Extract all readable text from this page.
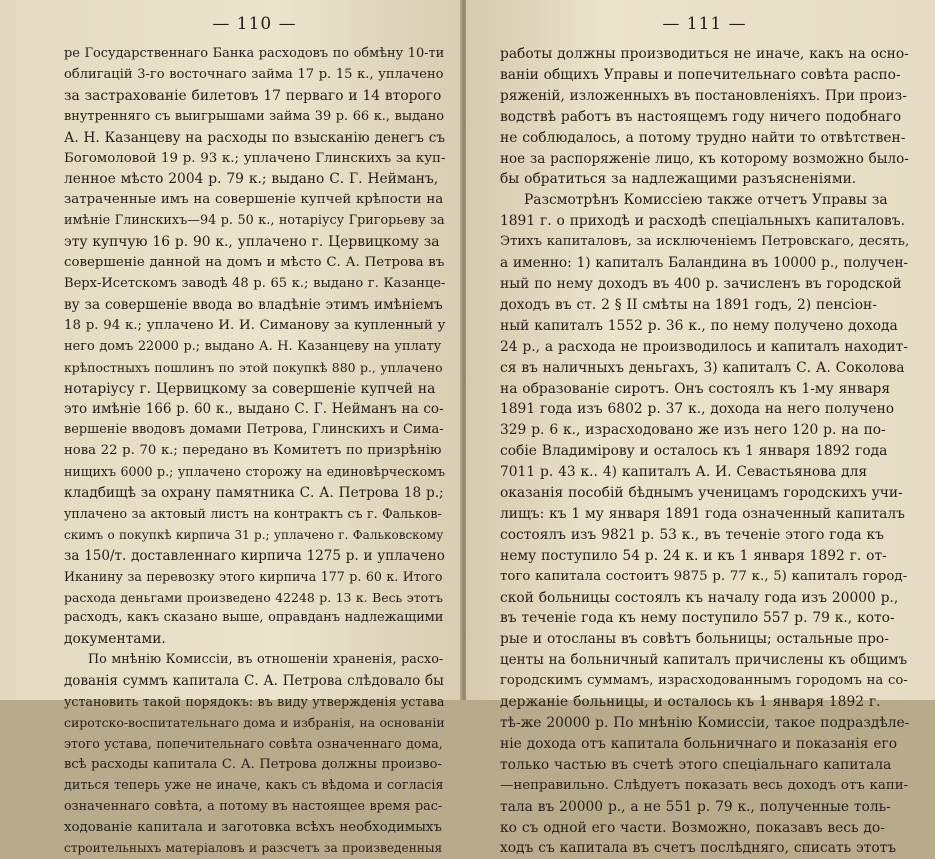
— 110 —
ре Государственнаго Банка расходовъ по обмѣну 10-ти
облигацій 3-го восточнаго займа 17 р. 15 к., уплачено
за застрахованіе билетовъ 17 перваго и 14 второго
внутренняго съ выигрышами займа 39 р. 66 к., выдано
А. Н. Казанцеву на расходы по взысканію денегъ съ
Богомоловой 19 р. 93 к.; уплачено Глинскихъ за куп-
ленное мѣсто 2004 р. 79 к.; выдано С. Г. Нейманъ,
затраченные имъ на совершеніе купчей крѣпости на
имѣніе Глинскихъ—94 р. 50 к., нотаріусу Григорьеву за
эту купчую 16 р. 90 к., уплачено г. Цервицкому за
совершеніе данной на домъ и мѣсто С. А. Петрова въ
Верх-Исетскомъ заводѣ 48 р. 65 к.; выдано г. Казанце-
ву за совершеніе ввода во владѣніе этимъ имѣніемъ
18 р. 94 к.; уплачено И. И. Симанову за купленный у
него домъ 22000 р.; выдано А. Н. Казанцеву на уплату
крѣпостныхъ пошлинъ по этой покупкѣ 880 р., уплачено
нотаріусу г. Цервицкому за совершеніе купчей на
это имѣніе 166 р. 60 к., выдано С. Г. Нейманъ на со-
вершеніе вводовъ домами Петрова, Глинскихъ и Сима-
нова 22 р. 70 к.; передано въ Комитетъ по призрѣнію
нищихъ 6000 р.; уплачено сторожу на единовѣрческомъ
кладбищѣ за охрану памятника С. А. Петрова 18 р.;
уплачено за актовый листъ на контрактъ съ г. Фальков-
скимъ о покупкѣ кирпича 31 р.; уплачено г. Фальковскому
за 150/т. доставленнаго кирпича 1275 р. и уплачено
Иканину за перевозку этого кирпича 177 р. 60 к. Итого
расхода деньгами произведено 42248 р. 13 к. Весь этотъ
расходъ, какъ сказано выше, оправданъ надлежащими
документами.
По мнѣнію Комиссіи, въ отношеніи храненія, расхо-
дованія суммъ капитала С. А. Петрова слѣдовало бы
установить такой порядокъ: въ виду утвержденія устава
сиротско-воспитательнаго дома и избранія, на основаніи
этого устава, попечительнаго совѣта означеннаго дома,
всѣ расходы капитала С. А. Петрова должны произво-
диться теперь уже не иначе, какъ съ вѣдома и согласія
означеннаго совѣта, а потому въ настоящее время рас-
ходованіе капитала и заготовка всѣхъ необходимыхъ
строительныхъ матеріаловъ и разсчетъ за произведенныя
— 111 —
работы должны производиться не иначе, какъ на осно-
ваніи общихъ Управы и попечительнаго совѣта распо-
ряженій, изложенныхъ въ постановленіяхъ. При произ-
водствѣ работъ въ настоящемъ году ничего подобнаго
не соблюдалось, а потому трудно найти то отвѣтствен-
ное за распоряженіе лицо, къ которому возможно было-
бы обратиться за надлежащими разъясненіями.
Разсмотрѣнъ Комиссіею также отчетъ Управы за
1891 г. о приходѣ и расходѣ спеціальныхъ капиталовъ.
Этихъ капиталовъ, за исключеніемъ Петровскаго, десять,
а именно: 1) капиталъ Баландина въ 10000 р., получен-
ный по нему доходъ въ 400 р. зачисленъ въ городской
доходъ въ ст. 2 § II смѣты на 1891 годъ, 2) пенсіон-
ный капиталъ 1552 р. 36 к., по нему получено дохода
24 р., а расхода не производилось и капиталъ находит-
ся въ наличныхъ деньгахъ, 3) капиталъ С. А. Соколова
на образованіе сиротъ. Онъ состоялъ къ 1-му января
1891 года изъ 6802 р. 37 к., дохода на него получено
329 р. 6 к., израсходовано же изъ него 120 р. на по-
собіе Владимірову и осталось къ 1 января 1892 года
7011 р. 43 к.. 4) капиталъ А. И. Севастьянова для
оказанія пособій бѣднымъ ученицамъ городскихъ учи-
лищъ: къ 1 му января 1891 года означенный капиталъ
состоялъ изъ 9821 р. 53 к., въ теченіе этого года къ
нему поступило 54 р. 24 к. и къ 1 января 1892 г. от-
того капитала состоитъ 9875 р. 77 к., 5) капиталъ город-
ской больницы состоялъ къ началу года изъ 20000 р.,
въ теченіе года къ нему поступило 557 р. 79 к., кото-
рые и отосланы въ совѣтъ больницы; остальные про-
центы на больничный капиталъ причислены къ общимъ
городскимъ суммамъ, израсходованнымъ городомъ на со-
держаніе больницы, и осталось къ 1 января 1892 г.
тѣ-же 20000 р. По мнѣнію Комиссіи, такое подраздѣле-
ніе дохода отъ капитала больничнаго и показанія его
только частью въ счетѣ этого спеціальнаго капитала
—неправильно. Слѣдуетъ показать весь доходъ отъ капи-
тала въ 20000 р., а не 551 р. 79 к., полученные толь-
ко съ одной его части. Возможно, показавъ весь до-
ходъ съ капитала въ счетъ послѣдняго, списать этотъ
